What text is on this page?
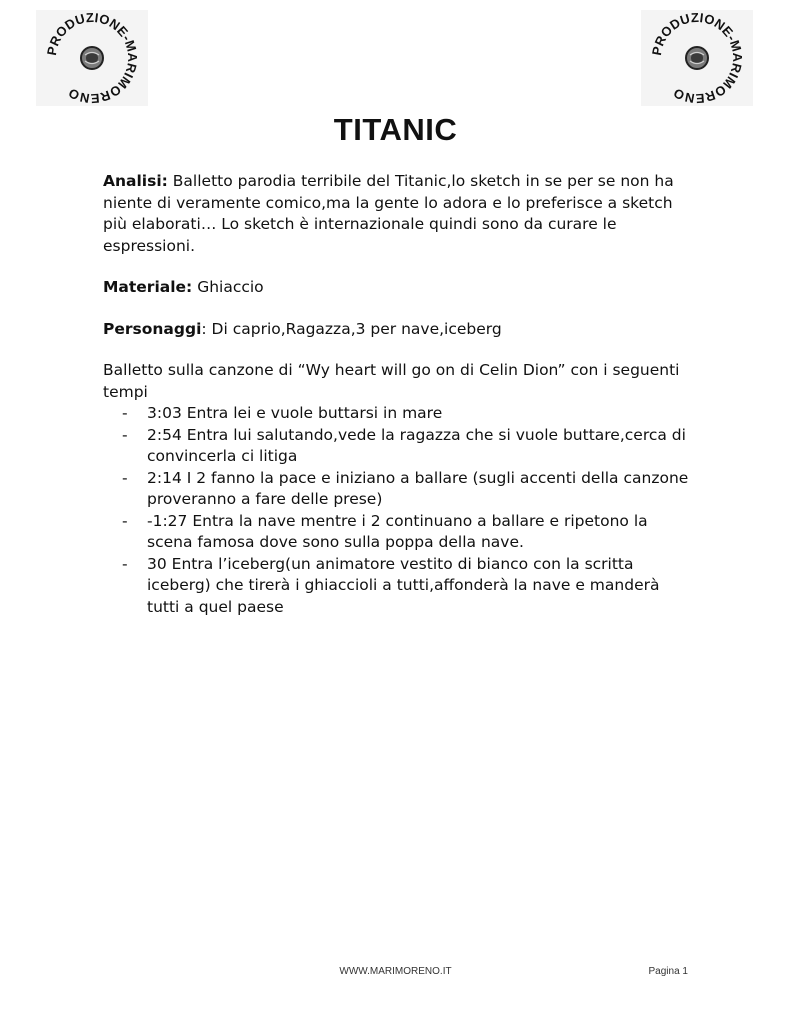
PRODUZIONE-MARIMORENO
PRODUZIONE-MARIMORENO
TITANIC

Analisi: Balletto parodia terribile del Titanic,lo sketch in se per se non ha niente di veramente comico,ma la gente lo adora e lo preferisce a sketch più elaborati… Lo sketch è internazionale quindi sono da curare le espressioni.

Materiale: Ghiaccio

Personaggi: Di caprio,Ragazza,3 per nave,iceberg

Balletto sulla canzone di “Wy heart will go on di Celin Dion” con i seguenti tempi

- 3:03 Entra lei e vuole buttarsi in mare
- 2:54 Entra lui salutando,vede la ragazza che si vuole buttare,cerca di convincerla ci litiga
- 2:14 I 2 fanno la pace e iniziano a ballare (sugli accenti della canzone proveranno a fare delle prese)
- -1:27 Entra la nave mentre i 2 continuano a ballare e ripetono la scena famosa dove sono sulla poppa della nave.
- 30 Entra l’iceberg(un animatore vestito di bianco con la scritta iceberg) che tirerà i ghiaccioli a tutti,affonderà la nave e manderà tutti a quel paese
WWW.MARIMORENO.IT	Pagina 1
